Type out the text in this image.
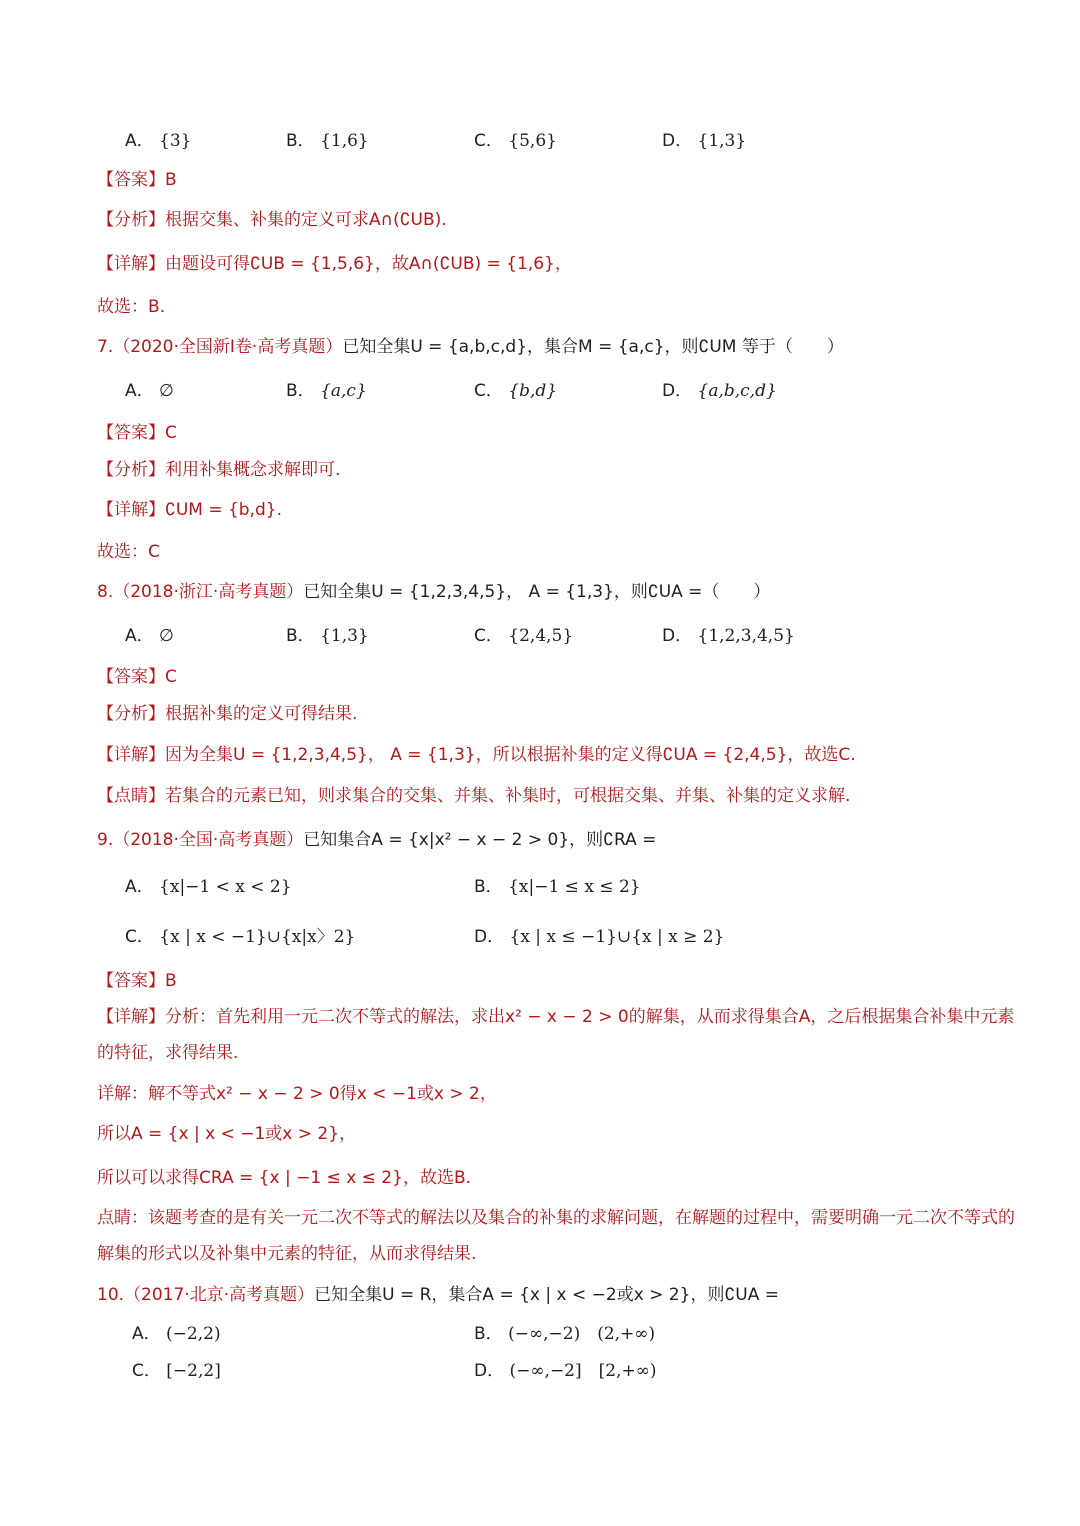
A． {3}	B． {1,6}	C． {5,6}	D． {1,3}
【答案】B
【分析】根据交集、补集的定义可求A∩(∁UB).
【详解】由题设可得∁UB = {1,5,6}，故A∩(∁UB) = {1,6}，
故选：B.
7.（2020·全国新Ⅰ卷·高考真题）已知全集U = {a,b,c,d}，集合M = {a,c}，则∁UM 等于（　　）
A． ∅	B． {a,c}	C． {b,d}	D． {a,b,c,d}
【答案】C
【分析】利用补集概念求解即可.
【详解】∁UM = {b,d}.
故选：C
8.（2018·浙江·高考真题）已知全集U = {1,2,3,4,5}， A = {1,3}，则∁UA =（　　）
A． ∅	B． {1,3}	C． {2,4,5}	D． {1,2,3,4,5}
【答案】C
【分析】根据补集的定义可得结果.
【详解】因为全集U = {1,2,3,4,5}， A = {1,3}，所以根据补集的定义得∁UA = {2,4,5}，故选C.
【点睛】若集合的元素已知，则求集合的交集、并集、补集时，可根据交集、并集、补集的定义求解.
9.（2018·全国·高考真题）已知集合A = {x|x² − x − 2 > 0}，则∁RA =
A． {x|−1 < x < 2}	B． {x|−1 ≤ x ≤ 2}
C． {x | x < −1}∪{x|x〉2}	D． {x | x ≤ −1}∪{x | x ≥ 2}
【答案】B
【详解】分析：首先利用一元二次不等式的解法，求出x² − x − 2 > 0的解集，从而求得集合A，之后根据集合补集中元素的特征，求得结果.
详解：解不等式x² − x − 2 > 0得x < −1或x > 2，
所以A = {x | x < −1或x > 2}，
所以可以求得CRA = {x | −1 ≤ x ≤ 2}，故选B.
点睛：该题考查的是有关一元二次不等式的解法以及集合的补集的求解问题，在解题的过程中，需要明确一元二次不等式的解集的形式以及补集中元素的特征，从而求得结果.
10.（2017·北京·高考真题）已知全集U = R，集合A = {x | x < −2或x > 2}，则∁UA =
A． (−2,2)	B． (−∞,−2)　(2,+∞)
C． [−2,2]	D． (−∞,−2]　[2,+∞)
